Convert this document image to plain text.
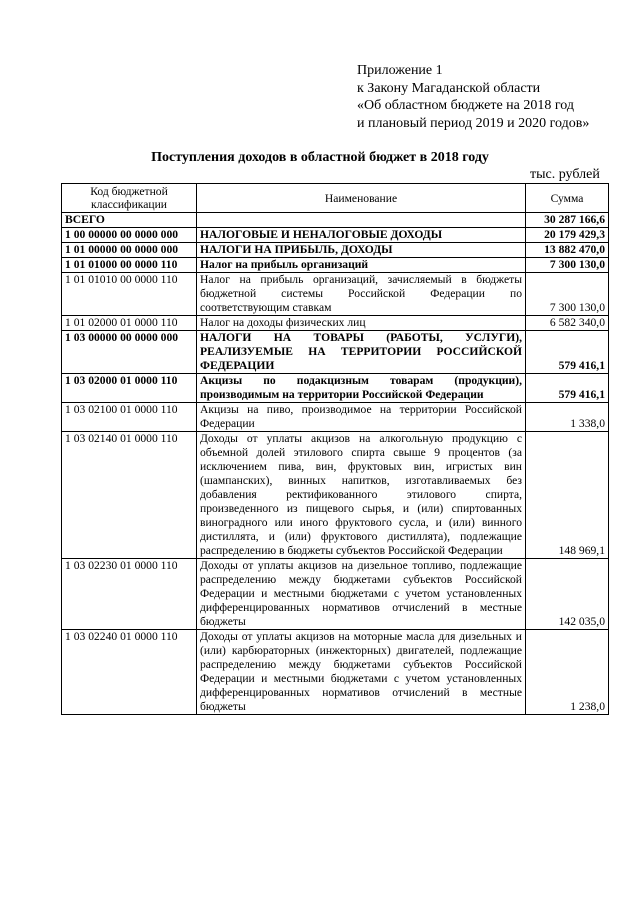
Приложение 1
к Закону Магаданской области
«Об областном бюджете на 2018 год
и плановый период 2019 и 2020 годов»
Поступления доходов в областной бюджет в 2018 году
тыс. рублей
Код бюджетной классификации	Наименование	Сумма
ВСЕГО		30 287 166,6
1 00 00000 00 0000 000	НАЛОГОВЫЕ И НЕНАЛОГОВЫЕ ДОХОДЫ	20 179 429,3
1 01 00000 00 0000 000	НАЛОГИ НА ПРИБЫЛЬ, ДОХОДЫ	13 882 470,0
1 01 01000 00 0000 110	Налог на прибыль организаций	7 300 130,0
1 01 01010 00 0000 110	Налог на прибыль организаций, зачисляемый в бюджеты бюджетной системы Российской Федерации по соответствующим ставкам	7 300 130,0
1 01 02000 01 0000 110	Налог на доходы физических лиц	6 582 340,0
1 03 00000 00 0000 000	НАЛОГИ НА ТОВАРЫ (РАБОТЫ, УСЛУГИ), РЕАЛИЗУЕМЫЕ НА ТЕРРИТОРИИ РОССИЙСКОЙ ФЕДЕРАЦИИ	579 416,1
1 03 02000 01 0000 110	Акцизы по подакцизным товарам (продукции), производимым на территории Российской Федерации	579 416,1
1 03 02100 01 0000 110	Акцизы на пиво, производимое на территории Российской Федерации	1 338,0
1 03 02140 01 0000 110	Доходы от уплаты акцизов на алкогольную продукцию с объемной долей этилового спирта свыше 9 процентов (за исключением пива, вин, фруктовых вин, игристых вин (шампанских), винных напитков, изготавливаемых без добавления ректификованного этилового спирта, произведенного из пищевого сырья, и (или) спиртованных виноградного или иного фруктового сусла, и (или) винного дистиллята, и (или) фруктового дистиллята), подлежащие распределению в бюджеты субъектов Российской Федерации	148 969,1
1 03 02230 01 0000 110	Доходы от уплаты акцизов на дизельное топливо, подлежащие распределению между бюджетами субъектов Российской Федерации и местными бюджетами с учетом установленных дифференцированных нормативов отчислений в местные бюджеты	142 035,0
1 03 02240 01 0000 110	Доходы от уплаты акцизов на моторные масла для дизельных и (или) карбюраторных (инжекторных) двигателей, подлежащие распределению между бюджетами субъектов Российской Федерации и местными бюджетами с учетом установленных дифференцированных нормативов отчислений в местные бюджеты	1 238,0
